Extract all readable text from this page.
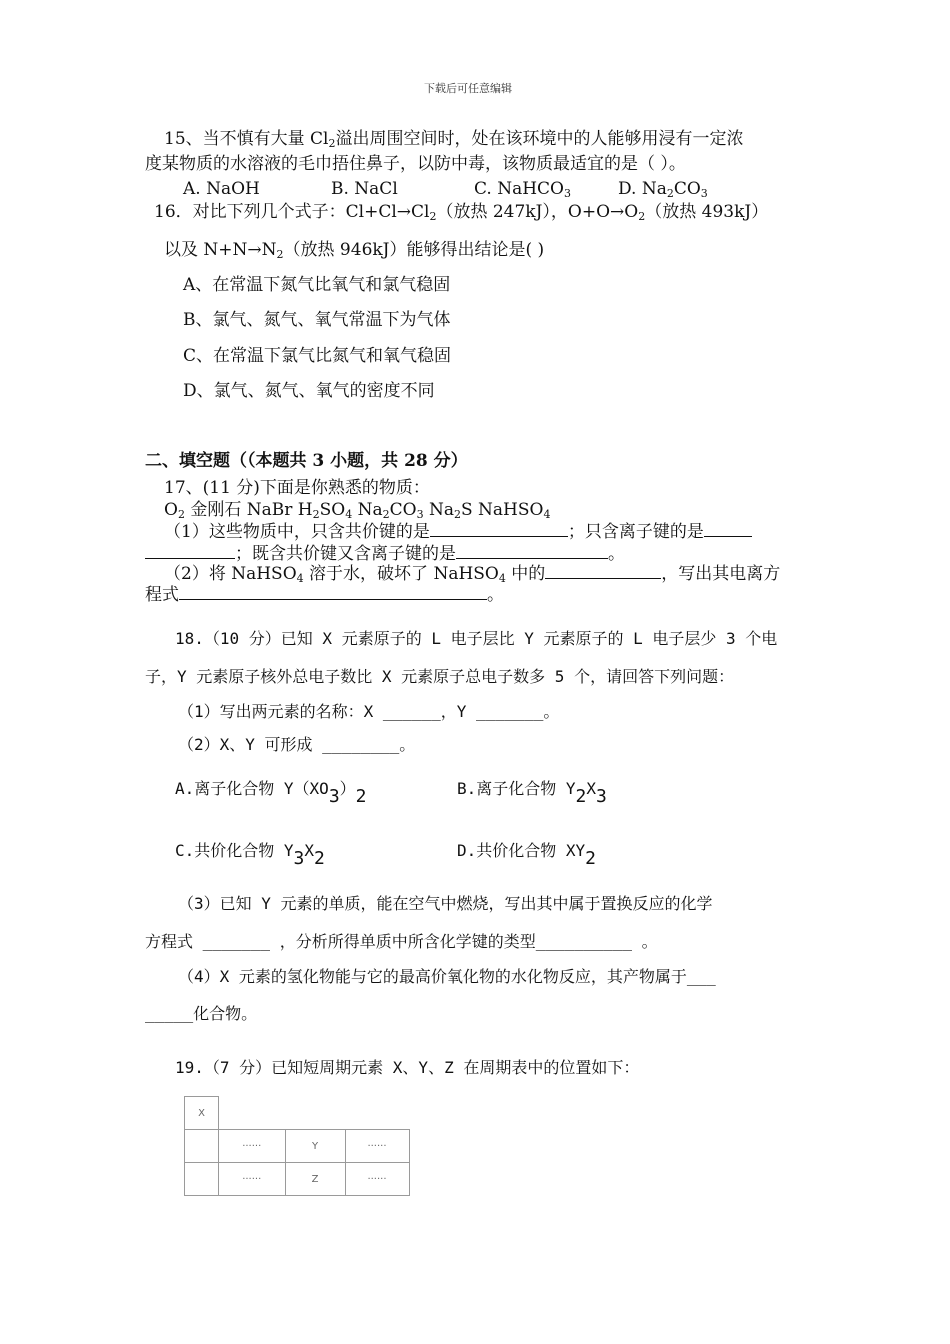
下载后可任意编辑
15、当不慎有大量 $Cl_2$溢出周围空间时，处在该环境中的人能够用浸有一定浓
度某物质的水溶液的毛巾捂住鼻子，以防中毒，该物质最适宜的是（ ）。
A. NaOH	B. NaCl	C. NaHCO$_3$	D. $Na_2CO_3$
16．对比下列几个式子：$Cl+Cl\to Cl_2$（放热 247kJ），$O+O\to O_2$（放热 493kJ）
以及 $N+N\to N_2$（放热 946kJ）能够得出结论是( )
A、在常温下氮气比氧气和氯气稳固
B、氯气、氮气、氧气常温下为气体
C、在常温下氯气比氮气和氧气稳固
D、氯气、氮气、氧气的密度不同
二、填空题（（本题共 3 小题，共 28 分）
17、(11 分)下面是你熟悉的物质：
$O_2$ 金刚石 NaBr $H_2SO_4$ $Na_2CO_3$ $Na_2S$ NaHSO$_4$
（1）这些物质中，只含共价键的是	；只含离子键的是
；既含共价键又含离子键的是	。
（2）将 NaHSO$_4$ 溶于水，破坏了 NaHSO$_4$ 中的	，写出其电离方
程式	。
18.（10 分）已知 X 元素原子的 L 电子层比 Y 元素原子的 L 电子层少 3 个电
子，Y 元素原子核外总电子数比 X 元素原子总电子数多 5 个，请回答下列问题：
（1）写出两元素的名称：X ______，Y _______。
（2）X、Y 可形成 ________。
A.离子化合物 $Y(XO_3)_2$	B.离子化合物 $Y_2X_3$
C.共价化合物 $Y_3X_2$	D.共价化合物 $XY_2$
（3）已知 Y 元素的单质，能在空气中燃烧，写出其中属于置换反应的化学
方程式 _______ ，分析所得单质中所含化学键的类型__________ 。
（4）X 元素的氢化物能与它的最高价氧化物的水化物反应，其产物属于___
_____化合物。
19.（7 分）已知短周期元素 X、Y、Z 在周期表中的位置如下：
X			
	······	Y	······
	······	Z	······
